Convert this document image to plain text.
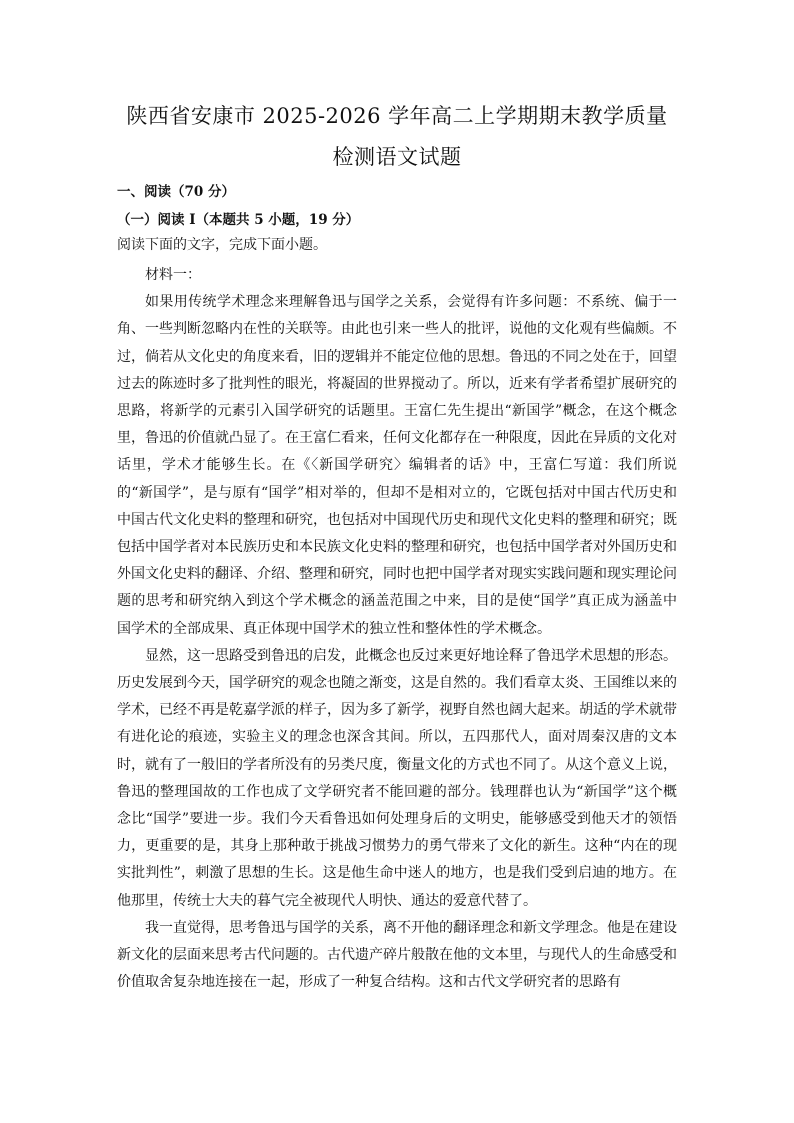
陕西省安康市 2025-2026 学年高二上学期期末教学质量
检测语文试题
一、阅读（70 分）
（一）阅读 I（本题共 5 小题，19 分）
阅读下面的文字，完成下面小题。

材料一：

如果用传统学术理念来理解鲁迅与国学之关系，会觉得有许多问题：不系统、偏于一角、一些判断忽略内在性的关联等。由此也引来一些人的批评，说他的文化观有些偏颇。不过，倘若从文化史的角度来看，旧的逻辑并不能定位他的思想。鲁迅的不同之处在于，回望过去的陈迹时多了批判性的眼光，将凝固的世界搅动了。所以，近来有学者希望扩展研究的思路，将新学的元素引入国学研究的话题里。王富仁先生提出“新国学”概念，在这个概念里，鲁迅的价值就凸显了。在王富仁看来，任何文化都存在一种限度，因此在异质的文化对话里，学术才能够生长。在《〈新国学研究〉编辑者的话》中，王富仁写道：我们所说的“新国学”，是与原有“国学”相对举的，但却不是相对立的，它既包括对中国古代历史和中国古代文化史料的整理和研究，也包括对中国现代历史和现代文化史料的整理和研究；既包括中国学者对本民族历史和本民族文化史料的整理和研究，也包括中国学者对外国历史和外国文化史料的翻译、介绍、整理和研究，同时也把中国学者对现实实践问题和现实理论问题的思考和研究纳入到这个学术概念的涵盖范围之中来，目的是使“国学”真正成为涵盖中国学术的全部成果、真正体现中国学术的独立性和整体性的学术概念。

显然，这一思路受到鲁迅的启发，此概念也反过来更好地诠释了鲁迅学术思想的形态。历史发展到今天，国学研究的观念也随之渐变，这是自然的。我们看章太炎、王国维以来的学术，已经不再是乾嘉学派的样子，因为多了新学，视野自然也阔大起来。胡适的学术就带有进化论的痕迹，实验主义的理念也深含其间。所以，五四那代人，面对周秦汉唐的文本时，就有了一般旧的学者所没有的另类尺度，衡量文化的方式也不同了。从这个意义上说，鲁迅的整理国故的工作也成了文学研究者不能回避的部分。钱理群也认为“新国学”这个概念比“国学”要进一步。我们今天看鲁迅如何处理身后的文明史，能够感受到他天才的领悟力，更重要的是，其身上那种敢于挑战习惯势力的勇气带来了文化的新生。这种“内在的现实批判性”，刺激了思想的生长。这是他生命中迷人的地方，也是我们受到启迪的地方。在他那里，传统士大夫的暮气完全被现代人明快、通达的爱意代替了。

我一直觉得，思考鲁迅与国学的关系，离不开他的翻译理念和新文学理念。他是在建设新文化的层面来思考古代问题的。古代遗产碎片般散在他的文本里，与现代人的生命感受和价值取舍复杂地连接在一起，形成了一种复合结构。这和古代文学研究者的思路有
